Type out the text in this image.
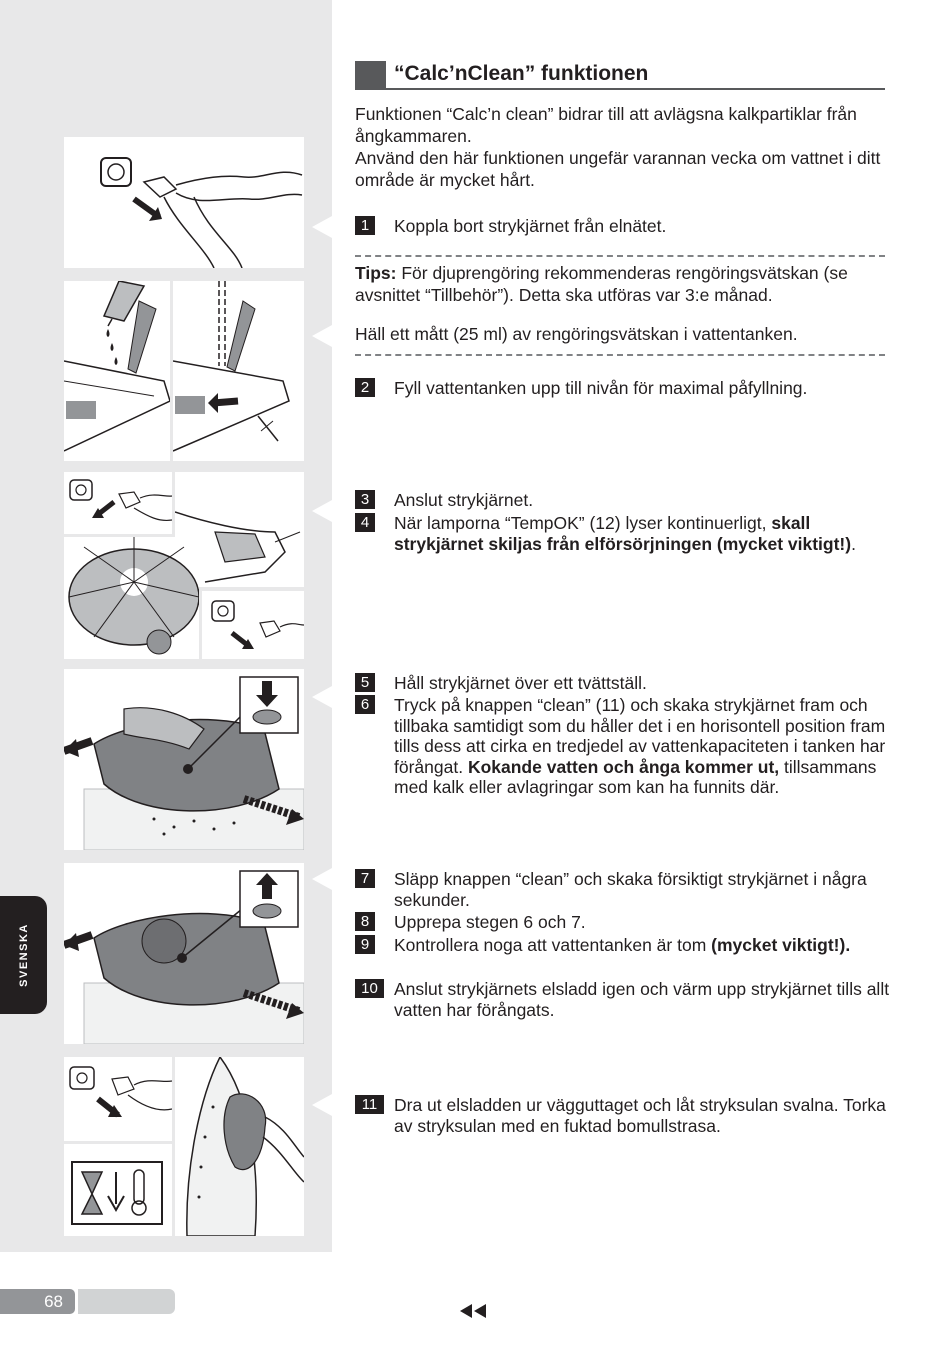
SVENSKA
“Calc’nClean” funktionen
Funktionen “Calc’n clean” bidrar till att avlägsna kalkpartiklar från ångkammaren.
Använd den här funktionen ungefär varannan vecka om vattnet i ditt område är mycket hårt.
1	Koppla bort strykjärnet från elnätet.
Tips: För djuprengöring rekommenderas rengöringsvätskan (se avsnittet “Tillbehör”). Detta ska utföras var 3:e månad.
Häll ett mått (25 ml) av rengöringsvätskan i vattentanken.
2	Fyll vattentanken upp till nivån för maximal påfyllning.
3	Anslut strykjärnet.
4	När lamporna “TempOK” (12) lyser kontinuerligt, skall strykjärnet skiljas från elförsörjningen (mycket viktigt!).
5	Håll strykjärnet över ett tvättställ.
6	Tryck på knappen “clean” (11) och skaka strykjärnet fram och tillbaka samtidigt som du håller det i en horisontell position fram tills dess att cirka en tredjedel av vattenkapaciteten i tanken har förångat. Kokande vatten och ånga kommer ut, tillsammans med kalk eller avlagringar som kan ha funnits där.
7	Släpp knappen “clean” och skaka försiktigt strykjärnet i några sekunder.
8	Upprepa stegen 6 och 7.
9	Kontrollera noga att vattentanken är tom (mycket viktigt!).
10 Anslut strykjärnets elsladd igen och värm upp strykjärnet tills allt vatten har förångats.
11 Dra ut elsladden ur vägguttaget och låt stryksulan svalna. Torka av stryksulan med en fuktad bomullstrasa.
68
